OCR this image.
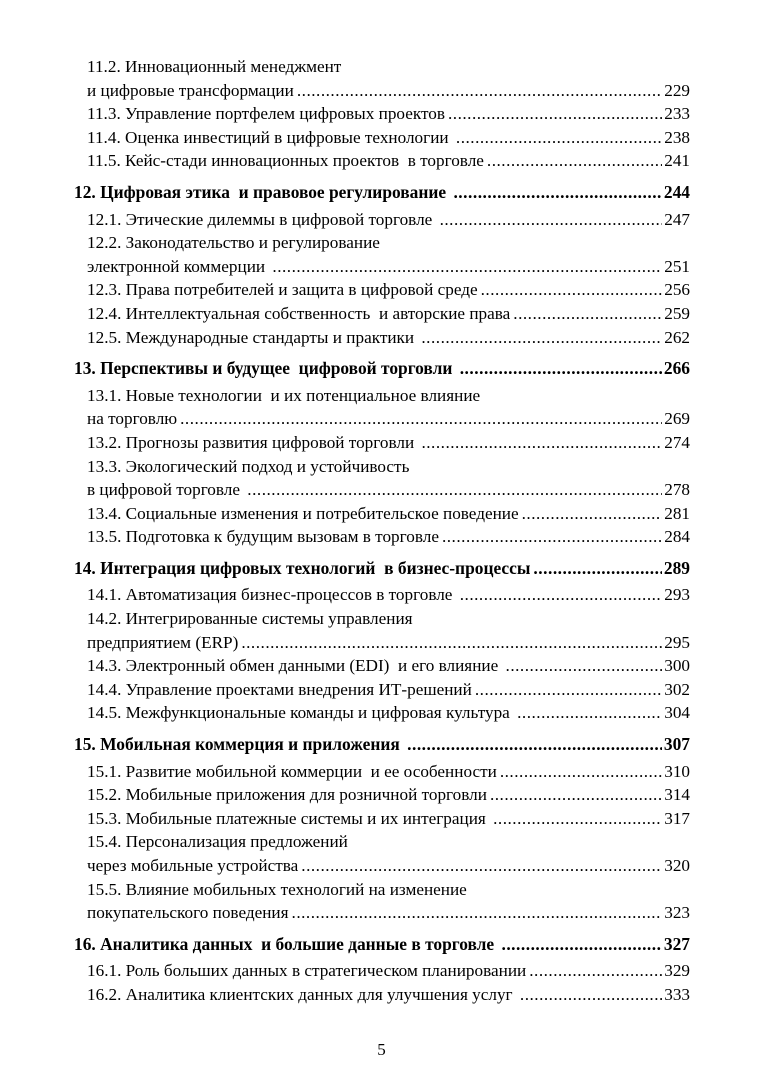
11.2. Инновационный менеджмент
и цифровые трансформации .....	229
11.3. Управление портфелем цифровых проектов .....	233
11.4. Оценка инвестиций в цифровые технологии .....	238
11.5. Кейс-стади инновационных проектов  в торговле .....	241
12. Цифровая этика  и правовое регулирование .....	244
12.1. Этические дилеммы в цифровой торговле .....	247
12.2. Законодательство и регулирование
электронной коммерции .....	251
12.3. Права потребителей и защита в цифровой среде .....	256
12.4. Интеллектуальная собственность  и авторские права .....	259
12.5. Международные стандарты и практики .....	262
13. Перспективы и будущее  цифровой торговли .....	266
13.1. Новые технологии  и их потенциальное влияние
на торговлю .....	269
13.2. Прогнозы развития цифровой торговли .....	274
13.3. Экологический подход и устойчивость
в цифровой торговле .....	278
13.4. Социальные изменения и потребительское поведение .....	281
13.5. Подготовка к будущим вызовам в торговле .....	284
14. Интеграция цифровых технологий  в бизнес-процессы .....	289
14.1. Автоматизация бизнес-процессов в торговле .....	293
14.2. Интегрированные системы управления
предприятием (ERP) .....	295
14.3. Электронный обмен данными (EDI)  и его влияние .....	300
14.4. Управление проектами внедрения ИТ-решений .....	302
14.5. Межфункциональные команды и цифровая культура .....	304
15. Мобильная коммерция и приложения .....	307
15.1. Развитие мобильной коммерции  и ее особенности .....	310
15.2. Мобильные приложения для розничной торговли .....	314
15.3. Мобильные платежные системы и их интеграция .....	317
15.4. Персонализация предложений
через мобильные устройства .....	320
15.5. Влияние мобильных технологий на изменение
покупательского поведения .....	323
16. Аналитика данных  и большие данные в торговле .....	327
16.1. Роль больших данных в стратегическом планировании .....	329
16.2. Аналитика клиентских данных для улучшения услуг .....	333
5
